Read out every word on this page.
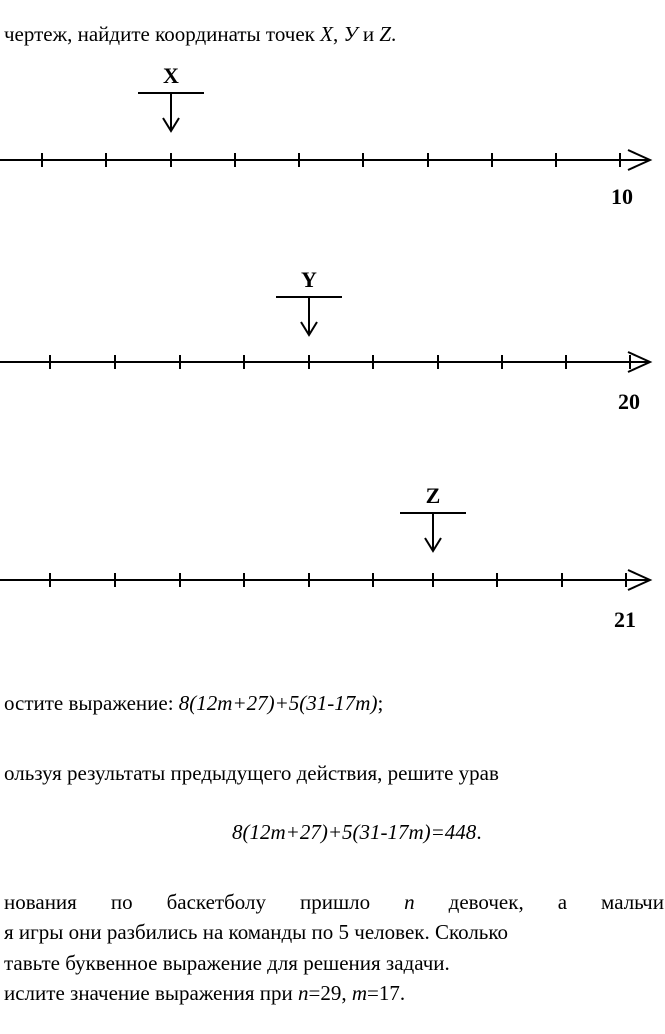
чертеж, найдите координаты точек X, У и Z.
X
10
Y
20
Z
21
остите выражение: 8(12m+27)+5(31-17m);
ользуя результаты предыдущего действия, решите урав
8(12m+27)+5(31-17m)=448.
нования по баскетболу пришло n девочек, а мальчи
я игры они разбились на команды по 5 человек. Сколько
тавьте буквенное выражение для решения задачи.
ислите значение выражения при n=29, m=17.
